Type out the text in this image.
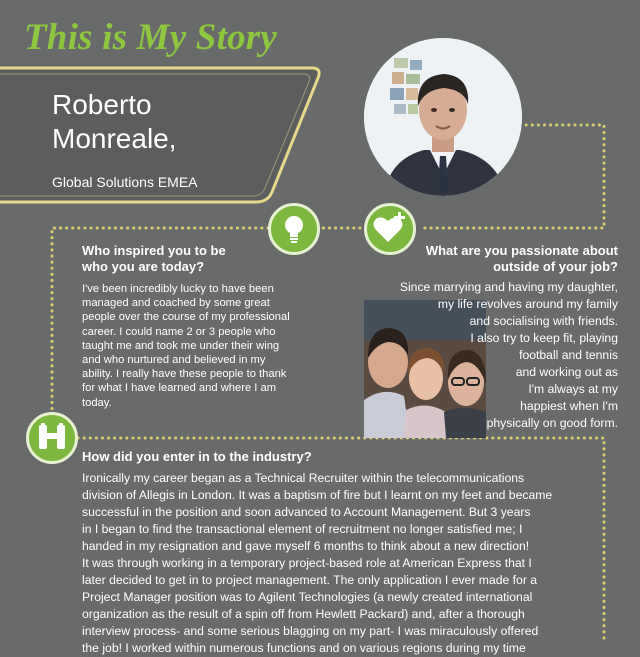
This is My Story
Roberto
Monreale,
Global Solutions EMEA
Who inspired you to be
who you are today?
I've been incredibly lucky to have been
managed and coached by some great
people over the course of my professional
career. I could name 2 or 3 people who
taught me and took me under their wing
and who nurtured and believed in my
ability. I really have these people to thank
for what I have learned and where I am
today.
What are you passionate about
outside of your job?

Since marrying and having my daughter,

my life revolves around my family

and socialising with friends.

I also try to keep fit, playing

football and tennis

and working out as

I'm always at my

happiest when I'm

physically on good form.

How did you enter in to the industry?
Ironically my career began as a Technical Recruiter within the telecommunications
division of Allegis in London. It was a baptism of fire but I learnt on my feet and became
successful in the position and soon advanced to Account Management. But 3 years
in I began to find the transactional element of recruitment no longer satisfied me; I
handed in my resignation and gave myself 6 months to think about a new direction!
It was through working in a temporary project-based role at American Express that I
later decided to get in to project management. The only application I ever made for a
Project Manager position was to Agilent Technologies (a newly created international
organization as the result of a spin off from Hewlett Packard) and, after a thorough
interview process- and some serious blagging on my part- I was miraculously offered
the job! I worked within numerous functions and on various regions during my time
